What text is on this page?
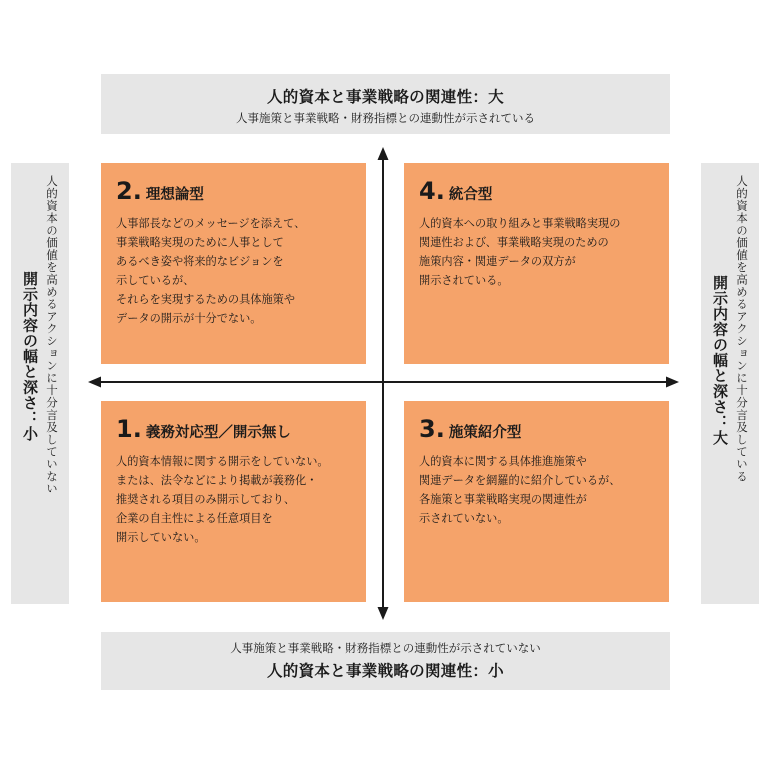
人的資本と事業戦略の関連性：大
人事施策と事業戦略・財務指標との連動性が示されている
人的資本の価値を高めるアクションに十分言及していない
開示内容の幅と深さ：小	人的資本の価値を高めるアクションに十分言及している
開示内容の幅と深さ：大
2. 理想論型
人事部長などのメッセージを添えて、
事業戦略実現のために人事として
あるべき姿や将来的なビジョンを
示しているが、
それらを実現するための具体施策や
データの開示が十分でない。
4. 統合型
人的資本への取り組みと事業戦略実現の
関連性および、事業戦略実現のための
施策内容・関連データの双方が
開示されている。
1. 義務対応型／開示無し
人的資本情報に関する開示をしていない。
または、法令などにより掲載が義務化・
推奨される項目のみ開示しており、
企業の自主性による任意項目を
開示していない。
3. 施策紹介型
人的資本に関する具体推進施策や
関連データを網羅的に紹介しているが、
各施策と事業戦略実現の関連性が
示されていない。
人事施策と事業戦略・財務指標との連動性が示されていない
人的資本と事業戦略の関連性：小
